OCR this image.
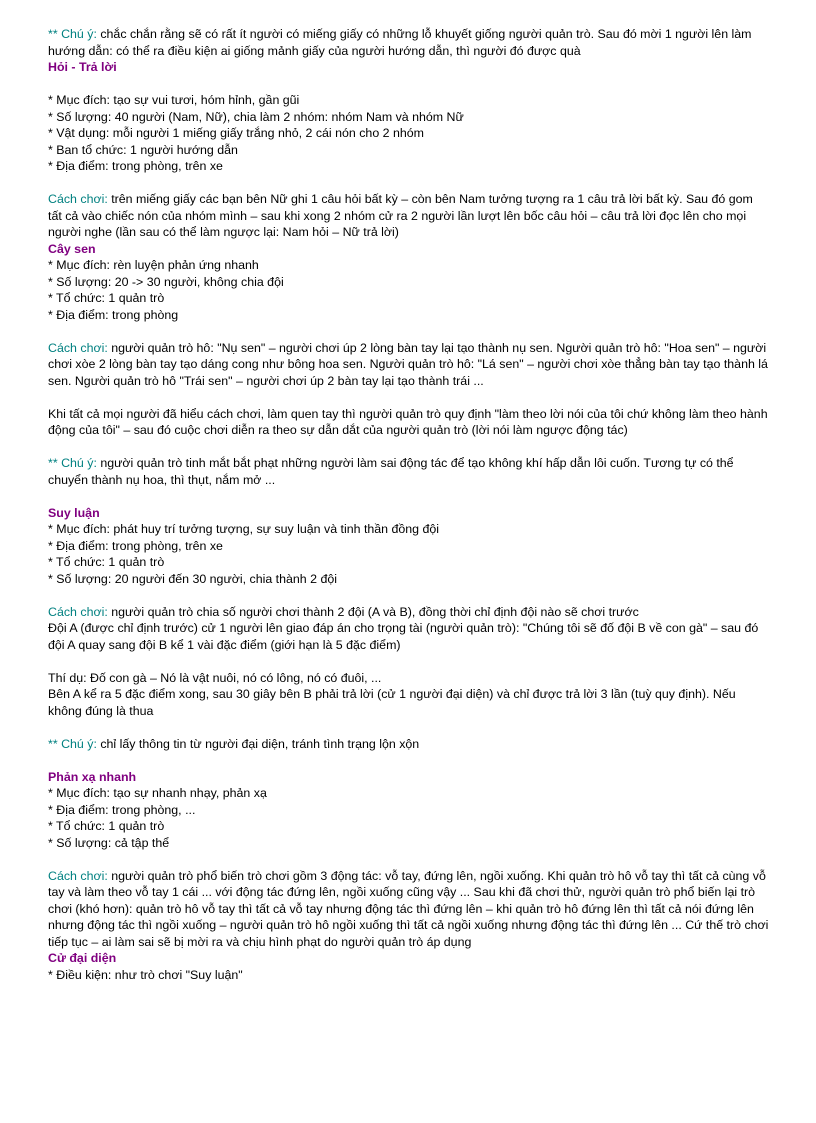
** Chú ý: chắc chắn rằng sẽ có rất ít người có miếng giấy có những lỗ khuyết giống người quản trò. Sau đó mời 1 người lên làm hướng dẫn: có thể ra điều kiện ai giống mảnh giấy của người hướng dẫn, thì người đó được quà

Hỏi - Trả lời
* Mục đích: tạo sự vui tươi, hóm hỉnh, gần gũi
* Số lượng: 40 người (Nam, Nữ), chia làm 2 nhóm: nhóm Nam và nhóm Nữ
* Vật dụng: mỗi người 1 miếng giấy trắng nhỏ, 2 cái nón cho 2 nhóm
* Ban tổ chức: 1 người hướng dẫn
* Địa điểm: trong phòng, trên xe

Cách chơi: trên miếng giấy các bạn bên Nữ ghi 1 câu hỏi bất kỳ – còn bên Nam tưởng tượng ra 1 câu trả lời bất kỳ. Sau đó gom tất cả vào chiếc nón của nhóm mình – sau khi xong 2 nhóm cử ra 2 người lần lượt lên bốc câu hỏi – câu trả lời đọc lên cho mọi người nghe (lần sau có thể làm ngược lại: Nam hỏi – Nữ trả lời)

Cây sen
* Mục đích: rèn luyện phản ứng nhanh
* Số lượng: 20 -> 30 người, không chia đội
* Tổ chức: 1 quản trò
* Địa điểm: trong phòng

Cách chơi: người quản trò hô: "Nụ sen" – người chơi úp 2 lòng bàn tay lại tạo thành nụ sen. Người quản trò hô: "Hoa sen" – người chơi xòe 2 lòng bàn tay tạo dáng cong như bông hoa sen. Người quản trò hô: "Lá sen" – người chơi xòe thẳng bàn tay tạo thành lá sen. Người quản trò hô "Trái sen" – người chơi úp 2 bàn tay lại tạo thành trái ...

Khi tất cả mọi người đã hiểu cách chơi, làm quen tay thì người quản trò quy định "làm theo lời nói của tôi chứ không làm theo hành động của tôi" – sau đó cuộc chơi diễn ra theo sự dẫn dắt của người quản trò (lời nói làm ngược động tác)

** Chú ý: người quản trò tinh mắt bắt phạt những người làm sai động tác để tạo không khí hấp dẫn lôi cuốn. Tương tự có thể chuyển thành nụ hoa, thì thụt, nắm mở ...

Suy luận
* Mục đích: phát huy trí tưởng tượng, sự suy luận và tinh thần đồng đội
* Địa điểm: trong phòng, trên xe
* Tổ chức: 1 quản trò
* Số lượng: 20 người đến 30 người, chia thành 2 đội

Cách chơi: người quản trò chia số người chơi thành 2 đội (A và B), đồng thời chỉ định đội nào sẽ chơi trước

Đội A (được chỉ định trước) cử 1 người lên giao đáp án cho trọng tài (người quản trò): "Chúng tôi sẽ đố đội B về con gà" – sau đó đội A quay sang đội B kể 1 vài đặc điểm (giới hạn là 5 đặc điểm)

Thí dụ: Đố con gà – Nó là vật nuôi, nó có lông, nó có đuôi, ...

Bên A kể ra 5 đặc điểm xong, sau 30 giây bên B phải trả lời (cử 1 người đại diện) và chỉ được trả lời 3 lần (tuỳ quy định). Nếu không đúng là thua

** Chú ý: chỉ lấy thông tin từ người đại diện, tránh tình trạng lộn xộn

Phản xạ nhanh
* Mục đích: tạo sự nhanh nhạy, phản xạ
* Địa điểm: trong phòng, ...
* Tổ chức: 1 quản trò
* Số lượng: cả tập thể

Cách chơi: người quản trò phổ biến trò chơi gồm 3 động tác: vỗ tay, đứng lên, ngồi xuống. Khi quản trò hô vỗ tay thì tất cả cùng vỗ tay và làm theo vỗ tay 1 cái ... với động tác đứng lên, ngồi xuống cũng vậy ... Sau khi đã chơi thử, người quản trò phổ biến lại trò chơi (khó hơn): quản trò hô vỗ tay thì tất cả vỗ tay nhưng động tác thì đứng lên – khi quản trò hô đứng lên thì tất cả nói đứng lên nhưng động tác thì ngồi xuống – người quản trò hô ngồi xuống thì tất cả ngồi xuống nhưng động tác thì đứng lên ... Cứ thế trò chơi tiếp tục – ai làm sai sẽ bị mời ra và chịu hình phạt do người quản trò áp dụng

Cử đại diện
* Điều kiện: như trò chơi "Suy luận"
